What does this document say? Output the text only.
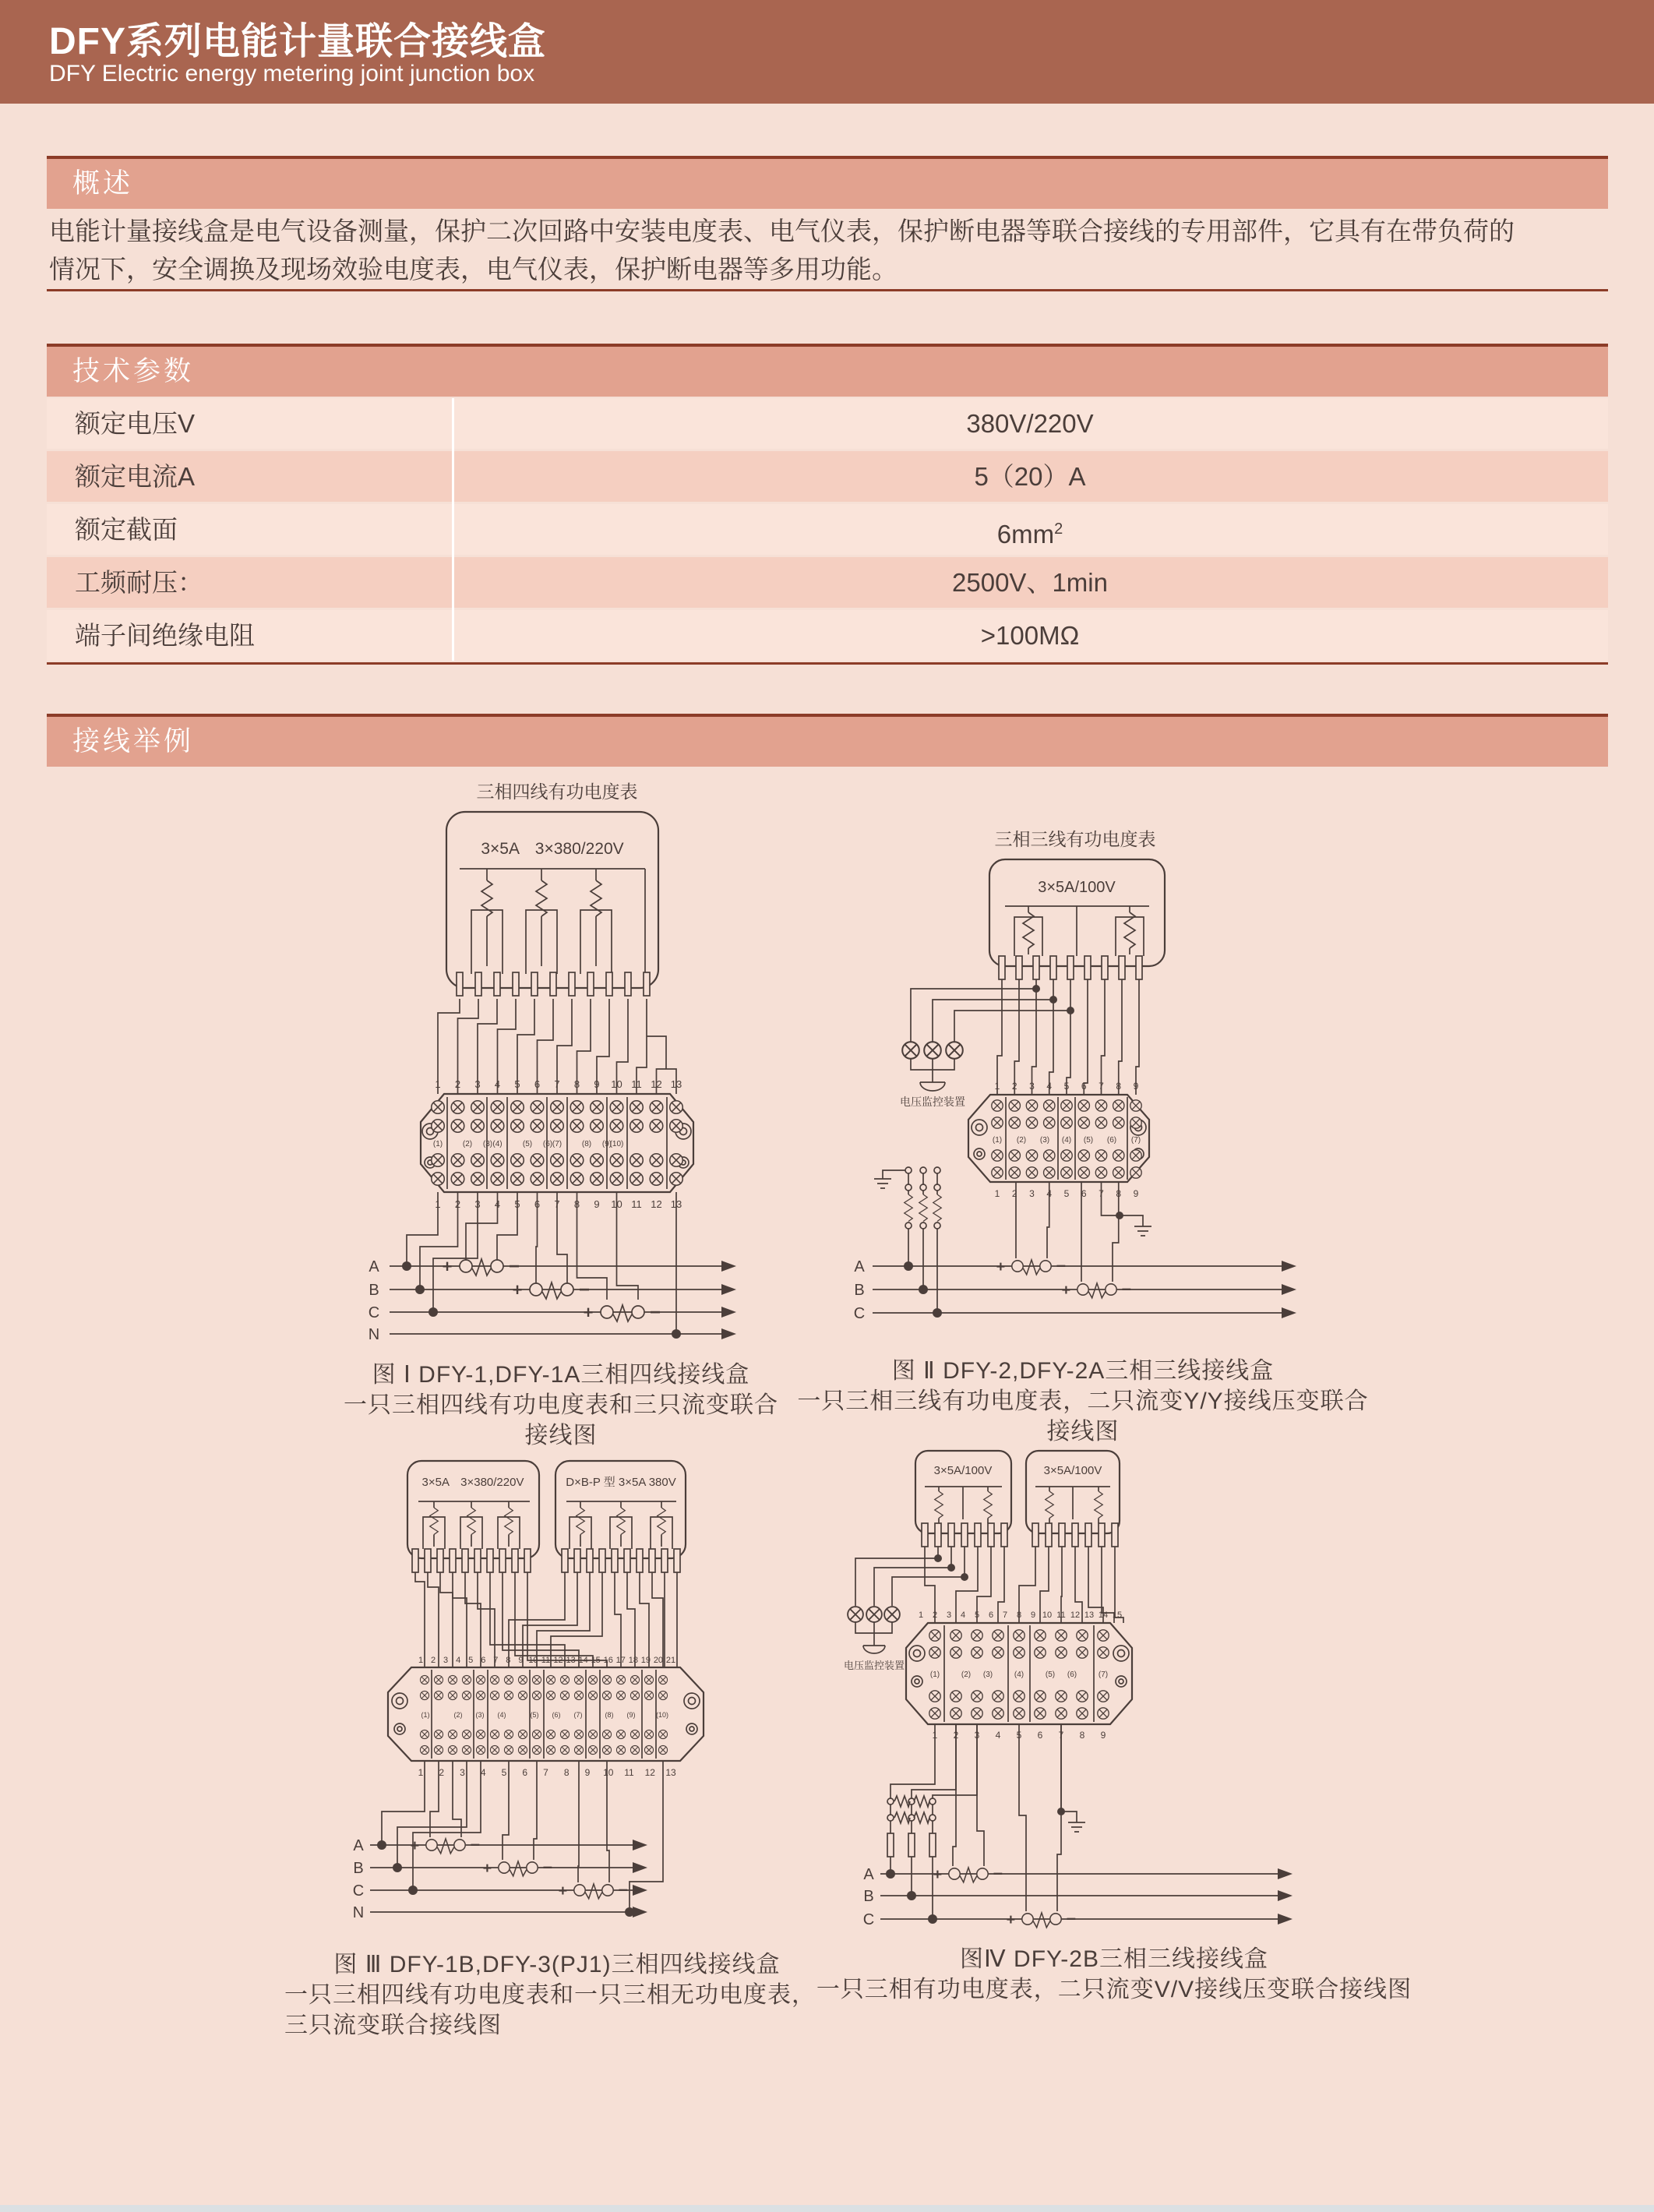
DFY系列电能计量联合接线盒
DFY Electric energy metering joint junction box
概述
电能计量接线盒是电气设备测量，保护二次回路中安装电度表、电气仪表，保护断电器等联合接线的专用部件，它具有在带负荷的
情况下，安全调换及现场效验电度表，电气仪表，保护断电器等多用功能。
技术参数
额定电压V	380V/220V
额定电流A	5（20）A
额定截面	$6mm^2$
工频耐压：	2500V、1min
端子间绝缘电阻	>100MΩ
接线举例
三相四线有功电度表
3×5A　3×380/220V
(1)	(2) (3) (4)	(5) (6) (7)	(8) (9)
(10)
1 2 3 4 5 6 7 8 9 10 11 12 13
1 2 3 4 5 6 7 8 9 10 11 12 13
A
B
C
N
图 Ⅰ DFY-1,DFY-1A三相四线接线盒
一只三相四线有功电度表和三只流变联合接线图
三相三线有功电度表
3×5A/100V
电压监控装置
(1) (2) (3) (4) (5) (6) (7)
1 2 3 4 5 6 7 8 9
1 2 3 4 5 6 7 8 9
A
B
C
图 Ⅱ DFY-2,DFY-2A三相三线接线盒
一只三相三线有功电度表，二只流变Y/Y接线压变联合接线图
3×5A　3×380/220V	D×B-P 型 3×5A 380V
(1)	(2) (3) (4)	(5) (6) (7)	(8) (9)	(10)
1 2 3 4 5 6 7 8 9 10 11 12 13 14 15 16 17 18 19 20 21
1 2 3 4 5 6 7 8 9 10 11 12 13
A
B
C
N
图 Ⅲ DFY-1B,DFY-3(PJ1)三相四线接线盒
一只三相四线有功电度表和一只三相无功电度表，
三只流变联合接线图
3×5A/100V	3×5A/100V
电压监控装置
(1)	(2) (3)	(4)	(5) (6)	(7)
1 2 3 4 5 6 7 8 9 10 11 12 13 14 15
1 2 3 4 5 6 7 8 9
A
B
C
图Ⅳ DFY-2B三相三线接线盒
一只三相有功电度表，二只流变V/V接线压变联合接线图
